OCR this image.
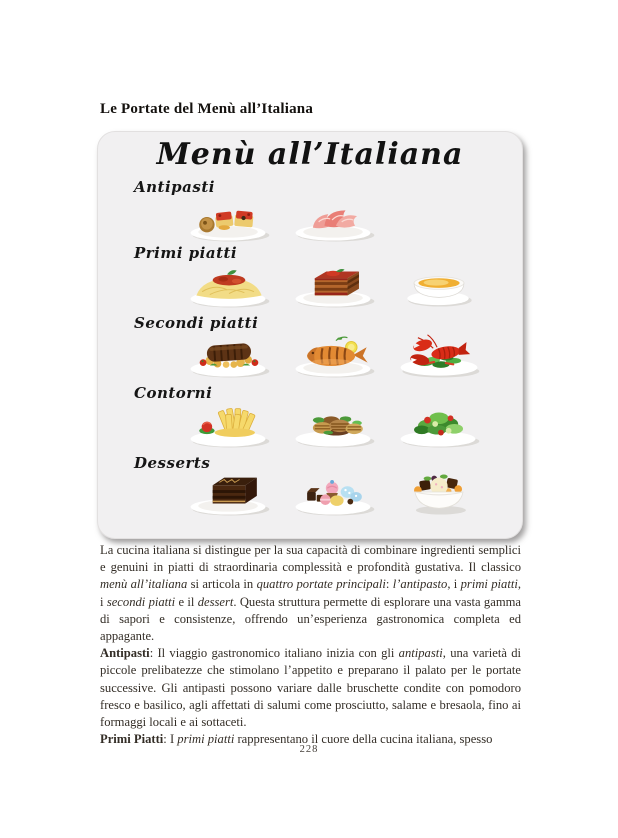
Le Portate del Menù all’Italiana
Menù all’Italiana
Antipasti
Primi piatti
Secondi piatti
Contorni
Desserts

La cucina italiana si distingue per la sua capacità di combinare ingredienti semplici e genuini in piatti di straordinaria complessità e profondità gustativa. Il classico menù all’italiana si articola in quattro portate principali: l’antipasto, i primi piatti, i secondi piatti e il dessert. Questa struttura permette di esplorare una vasta gamma di sapori e consistenze, offrendo un’esperienza gastronomica completa ed appagante.

Antipasti: Il viaggio gastronomico italiano inizia con gli antipasti, una varietà di piccole prelibatezze che stimolano l’appetito e preparano il palato per le portate successive. Gli antipasti possono variare dalle bruschette condite con pomodoro fresco e basilico, agli affettati di salumi come prosciutto, salame e bresaola, fino ai formaggi locali e ai sottaceti.

Primi Piatti: I primi piatti rappresentano il cuore della cucina italiana, spesso

228
